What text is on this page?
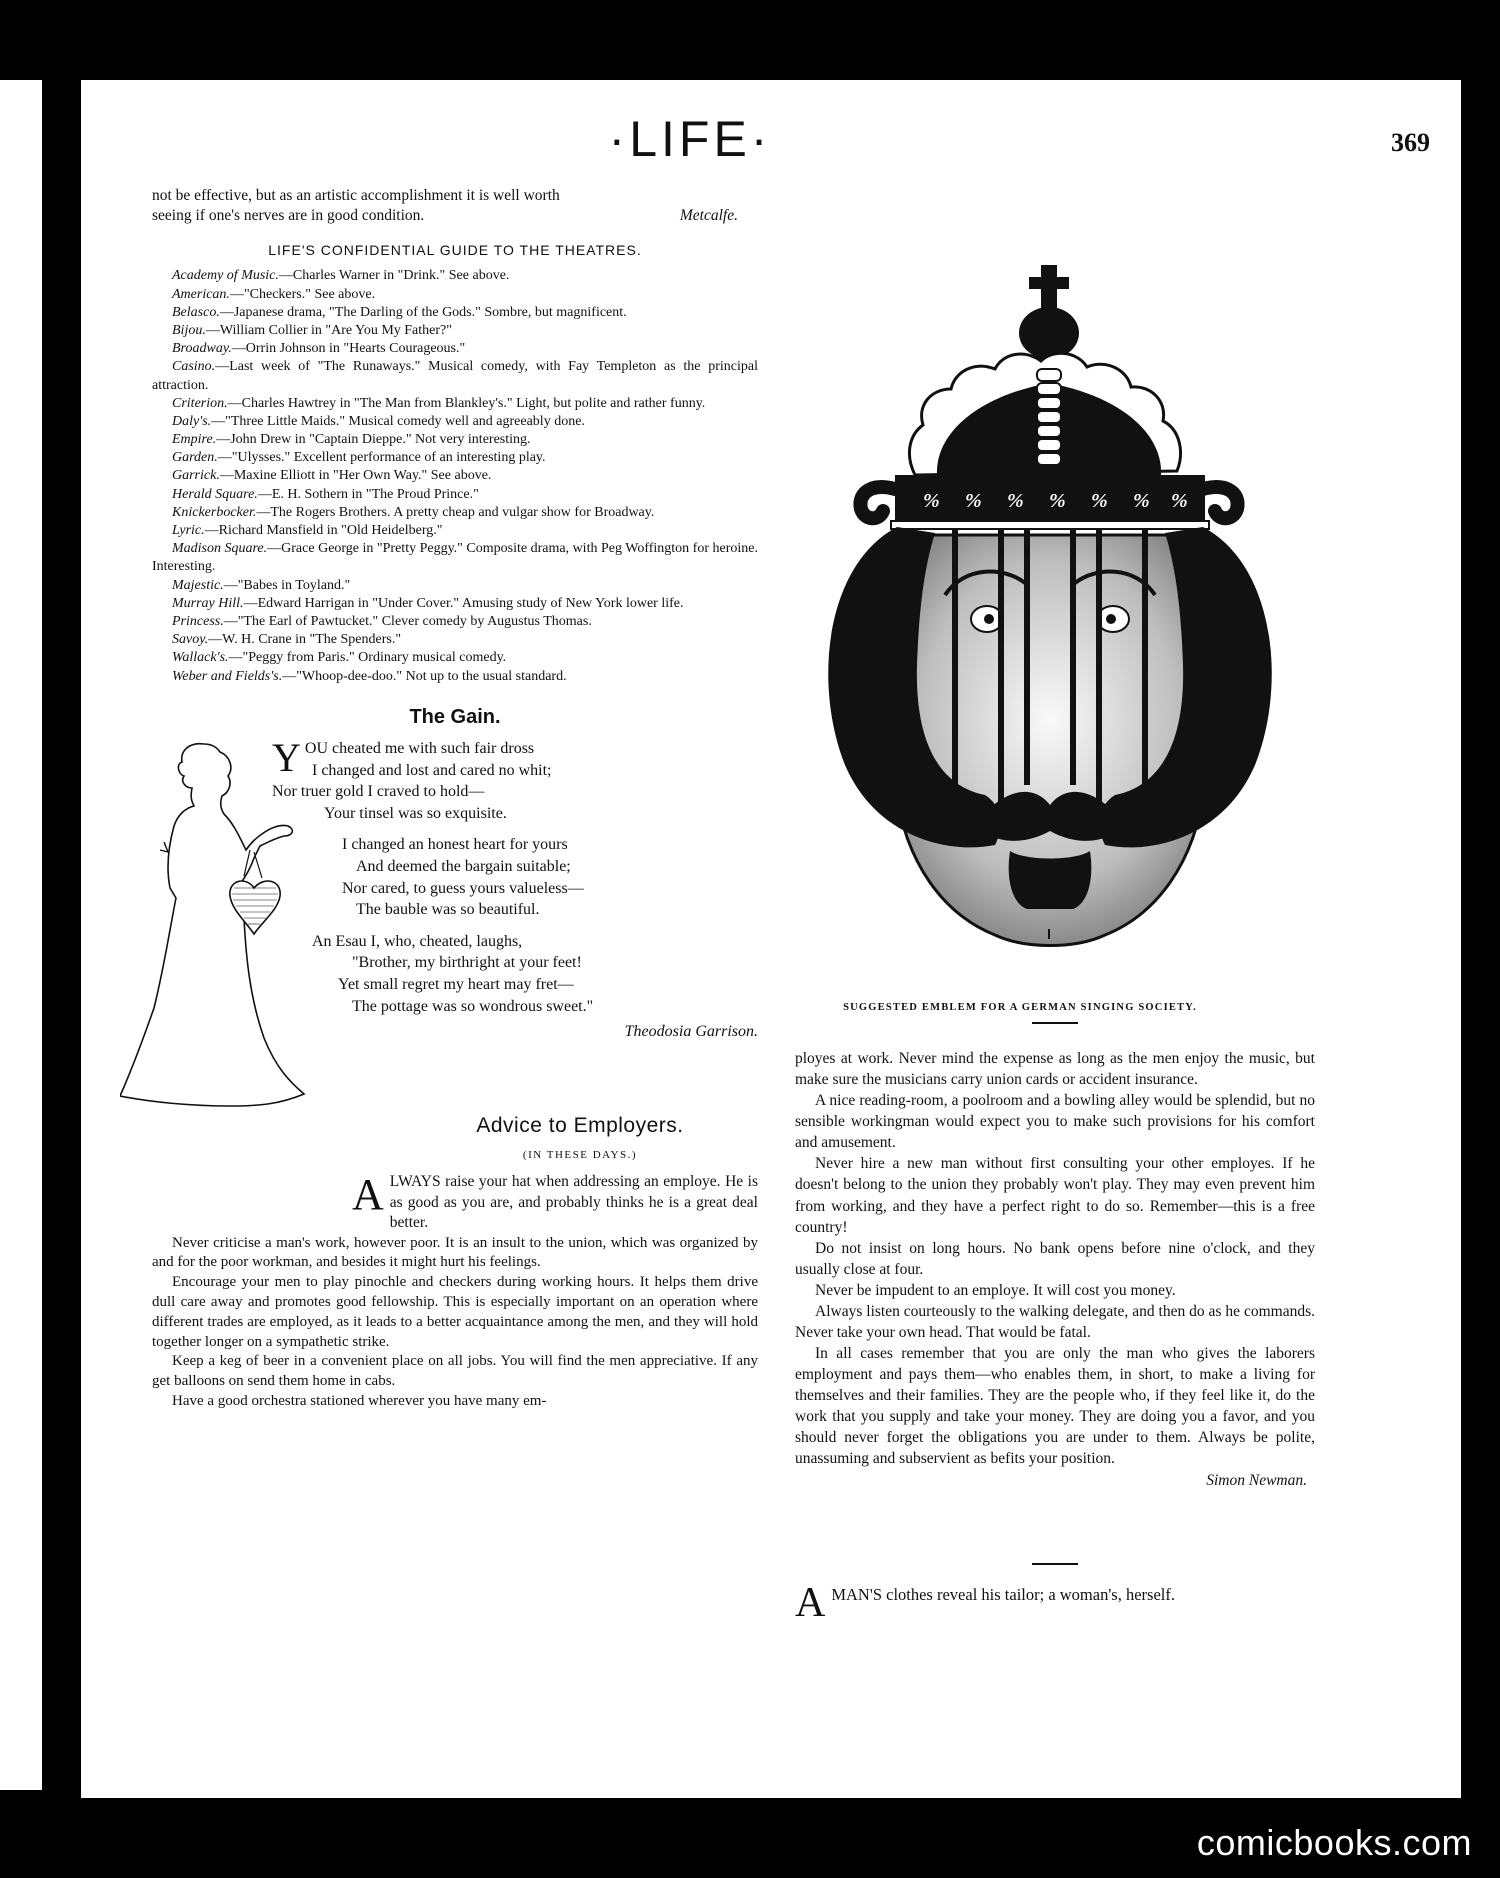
·LIFE·	369

not be effective, but as an artistic accomplishment it is well worth

seeing if one's nerves are in good condition.	Metcalfe.

LIFE'S CONFIDENTIAL GUIDE TO THE THEATRES.

Academy of Music.—Charles Warner in "Drink." See above.

American.—"Checkers." See above.

Belasco.—Japanese drama, "The Darling of the Gods." Sombre, but magnificent.

Bijou.—William Collier in "Are You My Father?"

Broadway.—Orrin Johnson in "Hearts Courageous."

Casino.—Last week of "The Runaways." Musical comedy, with Fay Templeton as the principal attraction.

Criterion.—Charles Hawtrey in "The Man from Blankley's." Light, but polite and rather funny.

Daly's.—"Three Little Maids." Musical comedy well and agreeably done.

Empire.—John Drew in "Captain Dieppe." Not very interesting.

Garden.—"Ulysses." Excellent performance of an interesting play.

Garrick.—Maxine Elliott in "Her Own Way." See above.

Herald Square.—E. H. Sothern in "The Proud Prince."

Knickerbocker.—The Rogers Brothers. A pretty cheap and vulgar show for Broadway.

Lyric.—Richard Mansfield in "Old Heidelberg."

Madison Square.—Grace George in "Pretty Peggy." Composite drama, with Peg Woffington for heroine. Interesting.

Majestic.—"Babes in Toyland."

Murray Hill.—Edward Harrigan in "Under Cover." Amusing study of New York lower life.

Princess.—"The Earl of Pawtucket." Clever comedy by Augustus Thomas.

Savoy.—W. H. Crane in "The Spenders."

Wallack's.—"Peggy from Paris." Ordinary musical comedy.

Weber and Fields's.—"Whoop-dee-doo." Not up to the usual standard.

The Gain.
Y OU cheated me with such fair dross
I changed and lost and cared no whit;
Nor truer gold I craved to hold—
Your tinsel was so exquisite.
I changed an honest heart for yours
And deemed the bargain suitable;
Nor cared, to guess yours valueless—
The bauble was so beautiful.
An Esau I, who, cheated, laughs,
"Brother, my birthright at your feet!
Yet small regret my heart may fret—
The pottage was so wondrous sweet."
Theodosia Garrison.
Advice to Employers.
(IN THESE DAYS.)

A LWAYS raise your hat when addressing an employe. He is as good as you are, and probably thinks he is a great deal better.

Never criticise a man's work, however poor. It is an insult to the union, which was organized by and for the poor workman, and besides it might hurt his feelings.

Encourage your men to play pinochle and checkers during working hours. It helps them drive dull care away and promotes good fellowship. This is especially important on an operation where different trades are employed, as it leads to a better acquaintance among the men, and they will hold together longer on a sympathetic strike.

Keep a keg of beer in a convenient place on all jobs. You will find the men appreciative. If any get balloons on send them home in cabs.

Have a good orchestra stationed wherever you have many em-

% % % % % % %
SUGGESTED EMBLEM FOR A GERMAN SINGING SOCIETY.

ployes at work. Never mind the expense as long as the men enjoy the music, but make sure the musicians carry union cards or accident insurance.

A nice reading-room, a poolroom and a bowling alley would be splendid, but no sensible workingman would expect you to make such provisions for his comfort and amusement.

Never hire a new man without first consulting your other employes. If he doesn't belong to the union they probably won't play. They may even prevent him from working, and they have a perfect right to do so. Remember—this is a free country!

Do not insist on long hours. No bank opens before nine o'clock, and they usually close at four.

Never be impudent to an employe. It will cost you money.

Always listen courteously to the walking delegate, and then do as he commands. Never take your own head. That would be fatal.

In all cases remember that you are only the man who gives the laborers employment and pays them—who enables them, in short, to make a living for themselves and their families. They are the people who, if they feel like it, do the work that you supply and take your money. They are doing you a favor, and you should never forget the obligations you are under to them. Always be polite, unassuming and subservient as befits your position.

Simon Newman.

A MAN'S clothes reveal his tailor; a woman's, herself.
comicbooks.com
